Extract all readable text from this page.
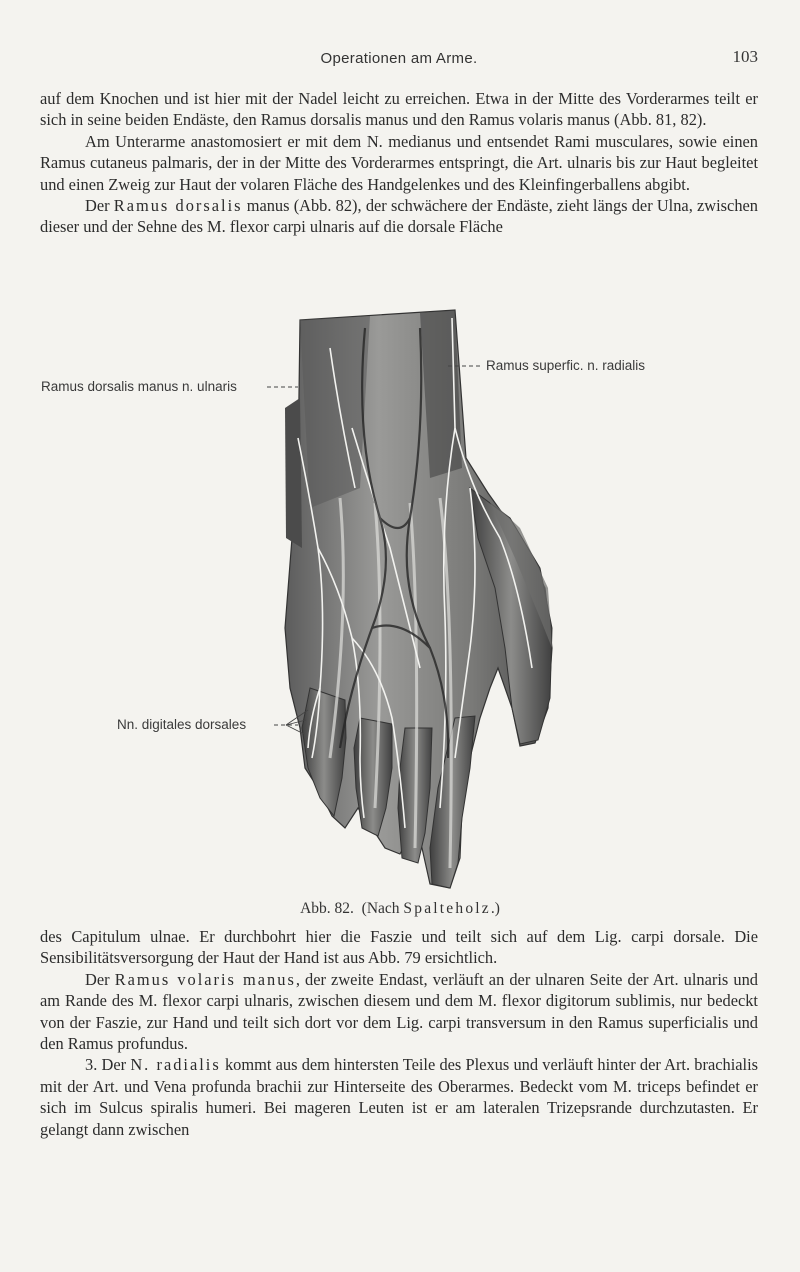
Operationen am Arme.	103

auf dem Knochen und ist hier mit der Nadel leicht zu erreichen. Etwa in der Mitte des Vorderarmes teilt er sich in seine beiden Endäste, den Ramus dorsalis manus und den Ramus volaris manus (Abb. 81, 82).

Am Unterarme anastomosiert er mit dem N. medianus und entsendet Rami musculares, sowie einen Ramus cutaneus palmaris, der in der Mitte des Vorderarmes entspringt, die Art. ulnaris bis zur Haut begleitet und einen Zweig zur Haut der volaren Fläche des Handgelenkes und des Kleinfingerballens abgibt.

Der Ramus dorsalis manus (Abb. 82), der schwächere der Endäste, zieht längs der Ulna, zwischen dieser und der Sehne des M. flexor carpi ulnaris auf die dorsale Fläche

Ramus superfic. n. radialis
Ramus dorsalis manus n. ulnaris
Nn. digitales dorsales
Abb. 82. (Nach Spalteholz.)

des Capitulum ulnae. Er durchbohrt hier die Faszie und teilt sich auf dem Lig. carpi dorsale. Die Sensibilitätsversorgung der Haut der Hand ist aus Abb. 79 ersichtlich.

Der Ramus volaris manus, der zweite Endast, verläuft an der ulnaren Seite der Art. ulnaris und am Rande des M. flexor carpi ulnaris, zwischen diesem und dem M. flexor digitorum sublimis, nur bedeckt von der Faszie, zur Hand und teilt sich dort vor dem Lig. carpi transversum in den Ramus superficialis und den Ramus profundus.

3. Der N. radialis kommt aus dem hintersten Teile des Plexus und verläuft hinter der Art. brachialis mit der Art. und Vena profunda brachii zur Hinterseite des Oberarmes. Bedeckt vom M. triceps befindet er sich im Sulcus spiralis humeri. Bei mageren Leuten ist er am lateralen Trizepsrande durchzutasten. Er gelangt dann zwischen
